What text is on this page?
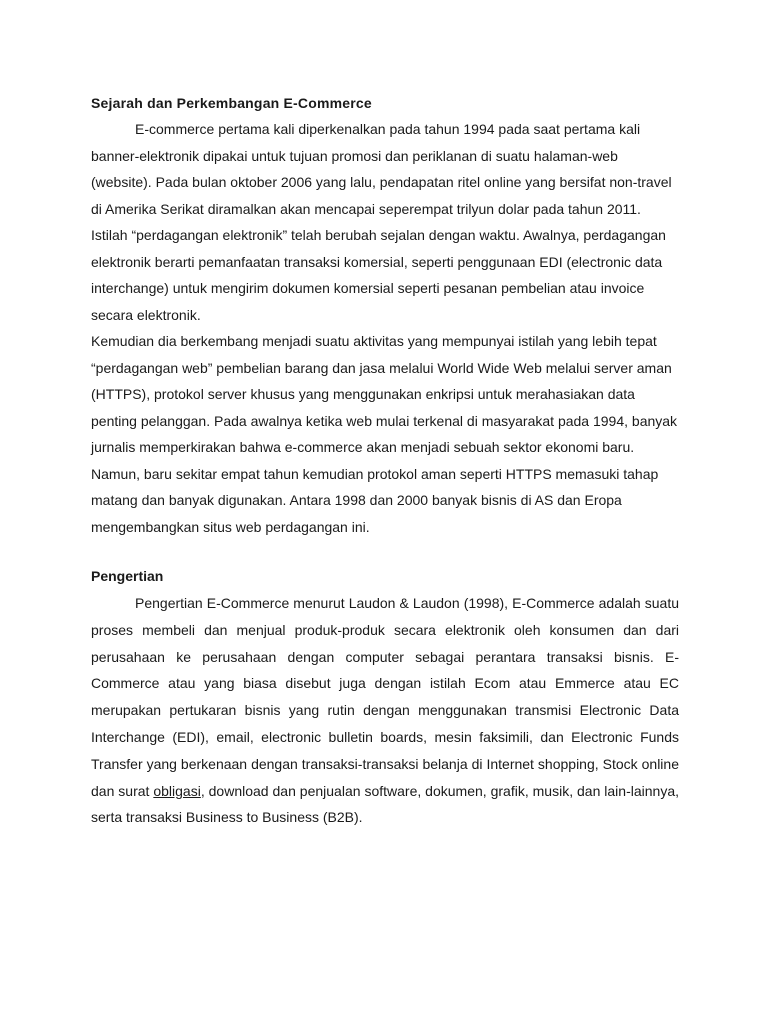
Sejarah dan Perkembangan E-Commerce

E-commerce pertama kali diperkenalkan pada tahun 1994 pada saat pertama kali banner-elektronik dipakai untuk tujuan promosi dan periklanan di suatu halaman-web (website). Pada bulan oktober 2006 yang lalu, pendapatan ritel online yang bersifat non-travel di Amerika Serikat diramalkan akan mencapai seperempat trilyun dolar pada tahun 2011. Istilah “perdagangan elektronik” telah berubah sejalan dengan waktu. Awalnya, perdagangan elektronik berarti pemanfaatan transaksi komersial, seperti penggunaan EDI (electronic data interchange) untuk mengirim dokumen komersial seperti pesanan pembelian atau invoice secara elektronik.

Kemudian dia berkembang menjadi suatu aktivitas yang mempunyai istilah yang lebih tepat “perdagangan web” pembelian barang dan jasa melalui World Wide Web melalui server aman (HTTPS), protokol server khusus yang menggunakan enkripsi untuk merahasiakan data penting pelanggan. Pada awalnya ketika web mulai terkenal di masyarakat pada 1994, banyak jurnalis memperkirakan bahwa e-commerce akan menjadi sebuah sektor ekonomi baru. Namun, baru sekitar empat tahun kemudian protokol aman seperti HTTPS memasuki tahap matang dan banyak digunakan. Antara 1998 dan 2000 banyak bisnis di AS dan Eropa mengembangkan situs web perdagangan ini.

Pengertian

Pengertian E-Commerce menurut Laudon & Laudon (1998), E-Commerce adalah suatu proses membeli dan menjual produk-produk secara elektronik oleh konsumen dan dari perusahaan ke perusahaan dengan computer sebagai perantara transaksi bisnis. E-Commerce atau yang biasa disebut juga dengan istilah Ecom atau Emmerce atau EC merupakan pertukaran bisnis yang rutin dengan menggunakan transmisi Electronic Data Interchange (EDI), email, electronic bulletin boards, mesin faksimili, dan Electronic Funds Transfer yang berkenaan dengan transaksi-transaksi belanja di Internet shopping, Stock online dan surat obligasi, download dan penjualan software, dokumen, grafik, musik, dan lain-lainnya, serta transaksi Business to Business (B2B).
